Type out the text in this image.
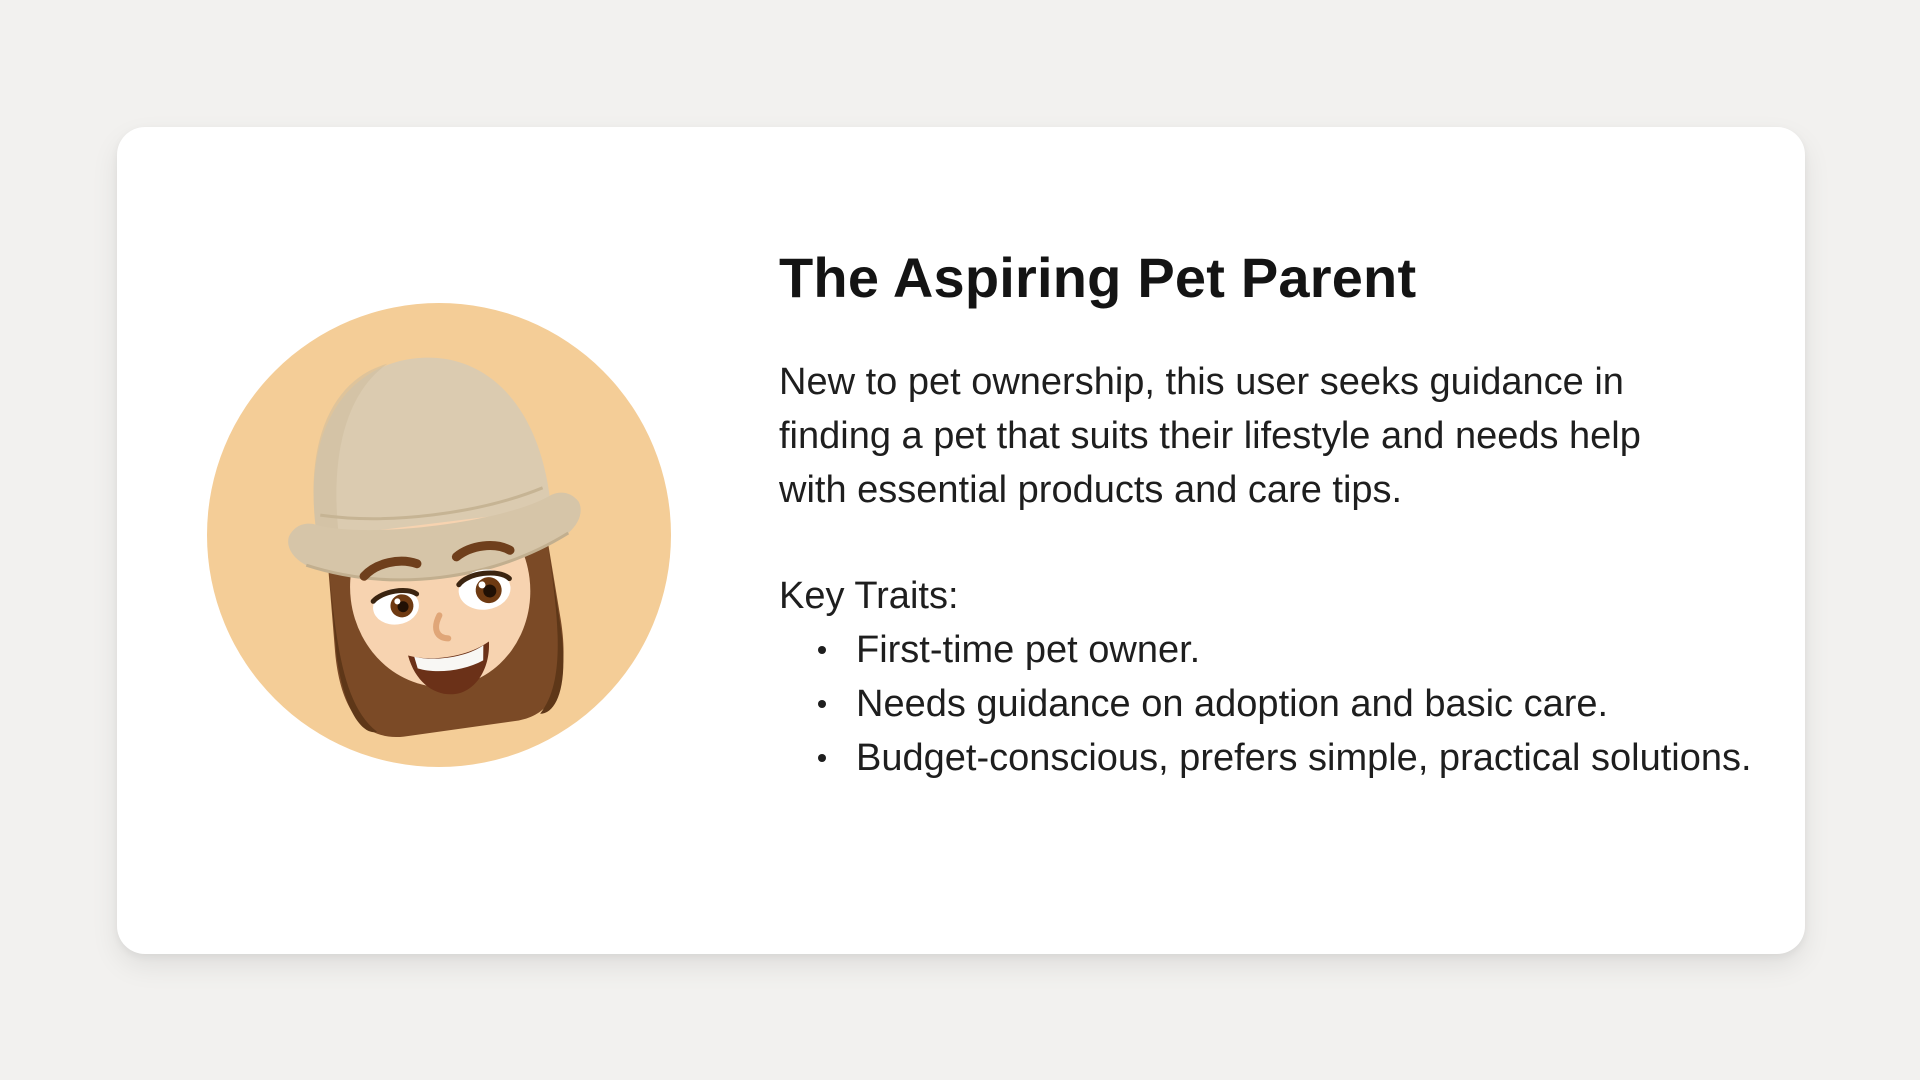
The Aspiring Pet Parent
New to pet ownership, this user seeks guidance in
finding a pet that suits their lifestyle and needs help
with essential products and care tips.
Key Traits:
First-time pet owner.
Needs guidance on adoption and basic care.
Budget-conscious, prefers simple, practical solutions.
